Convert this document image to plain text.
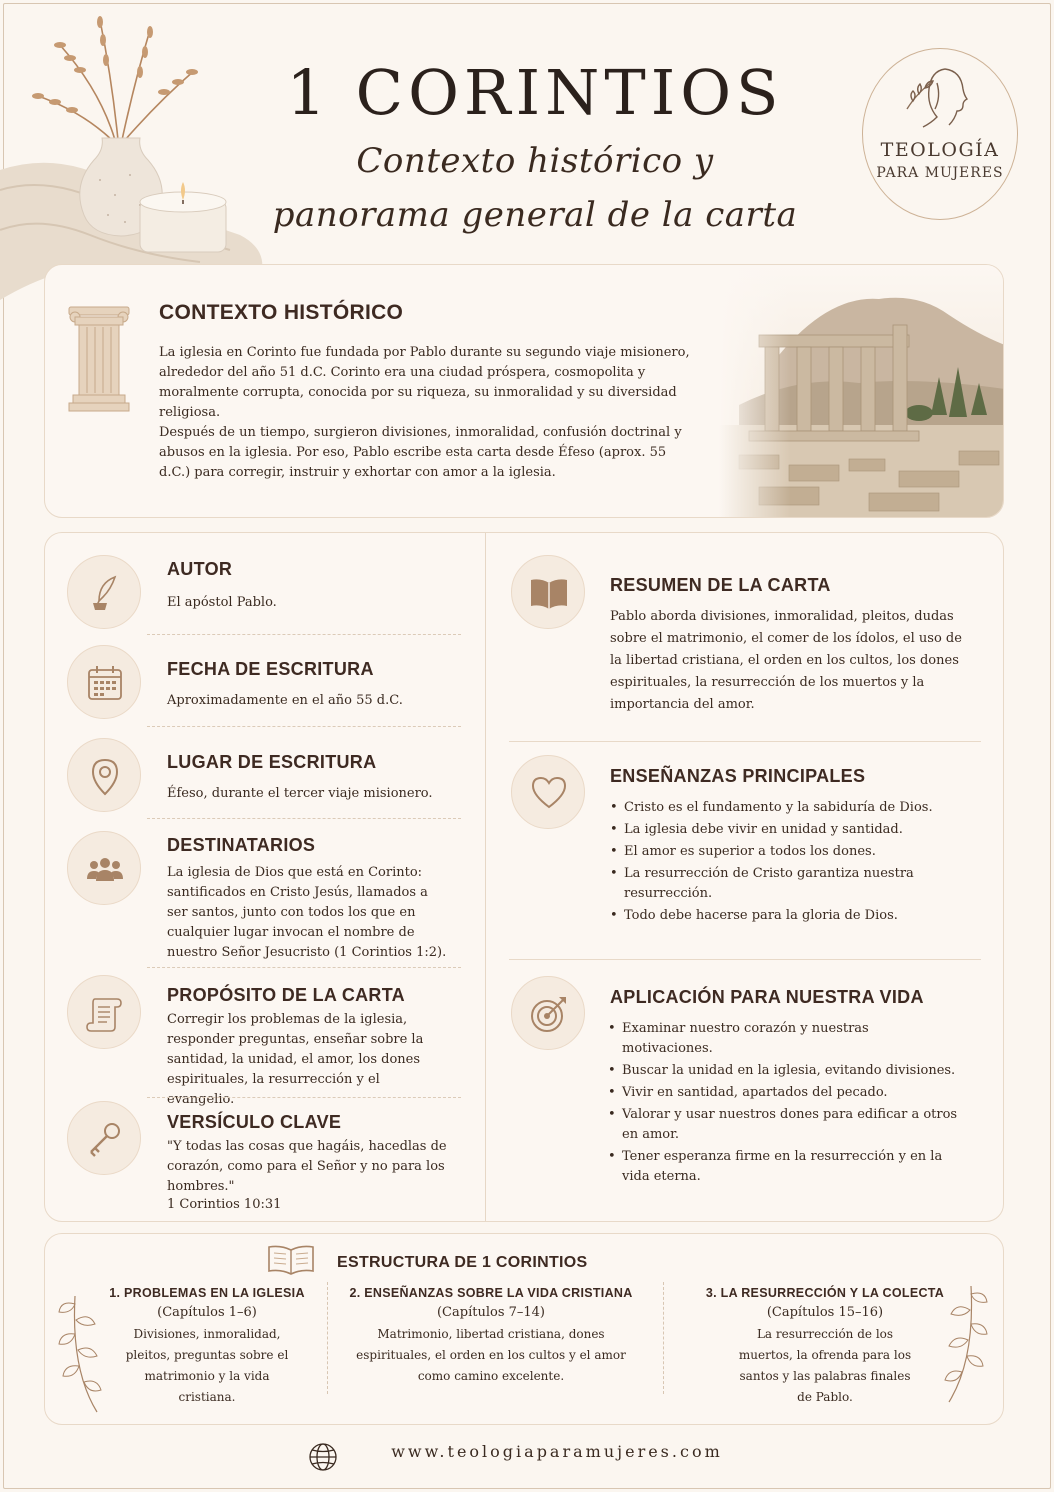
1 CORINTIOS
Contexto histórico y
panorama general de la carta
TEOLOGÍA
PARA MUJERES
CONTEXTO HISTÓRICO
La iglesia en Corinto fue fundada por Pablo durante su segundo viaje misionero, alrededor del año 51 d.C. Corinto era una ciudad próspera, cosmopolita y moralmente corrupta, conocida por su riqueza, su inmoralidad y su diversidad religiosa.
Después de un tiempo, surgieron divisiones, inmoralidad, confusión doctrinal y abusos en la iglesia. Por eso, Pablo escribe esta carta desde Éfeso (aprox. 55 d.C.) para corregir, instruir y exhortar con amor a la iglesia.
AUTOR
El apóstol Pablo.
FECHA DE ESCRITURA
Aproximadamente en el año 55 d.C.
LUGAR DE ESCRITURA
Éfeso, durante el tercer viaje misionero.
DESTINATARIOS
La iglesia de Dios que está en Corinto: santificados en Cristo Jesús, llamados a ser santos, junto con todos los que en cualquier lugar invocan el nombre de nuestro Señor Jesucristo (1 Corintios 1:2).
PROPÓSITO DE LA CARTA
Corregir los problemas de la iglesia, responder preguntas, enseñar sobre la santidad, la unidad, el amor, los dones espirituales, la resurrección y el evangelio.
VERSÍCULO CLAVE
"Y todas las cosas que hagáis, hacedlas de corazón, como para el Señor y no para los hombres."
1 Corintios 10:31
RESUMEN DE LA CARTA
Pablo aborda divisiones, inmoralidad, pleitos, dudas sobre el matrimonio, el comer de los ídolos, el uso de la libertad cristiana, el orden en los cultos, los dones espirituales, la resurrección de los muertos y la importancia del amor.
ENSEÑANZAS PRINCIPALES
• Cristo es el fundamento y la sabiduría de Dios.
• La iglesia debe vivir en unidad y santidad.
• El amor es superior a todos los dones.
• La resurrección de Cristo garantiza nuestra resurrección.
• Todo debe hacerse para la gloria de Dios.
APLICACIÓN PARA NUESTRA VIDA
• Examinar nuestro corazón y nuestras motivaciones.
• Buscar la unidad en la iglesia, evitando divisiones.
• Vivir en santidad, apartados del pecado.
• Valorar y usar nuestros dones para edificar a otros en amor.
• Tener esperanza firme en la resurrección y en la vida eterna.
ESTRUCTURA DE 1 CORINTIOS
1. PROBLEMAS EN LA IGLESIA
(Capítulos 1–6)
Divisiones, inmoralidad, pleitos, preguntas sobre el matrimonio y la vida cristiana.
2. ENSEÑANZAS SOBRE LA VIDA CRISTIANA
(Capítulos 7–14)
Matrimonio, libertad cristiana, dones espirituales, el orden en los cultos y el amor como camino excelente.
3. LA RESURRECCIÓN Y LA COLECTA
(Capítulos 15–16)
La resurrección de los muertos, la ofrenda para los santos y las palabras finales de Pablo.
www.teologiaparamujeres.com
